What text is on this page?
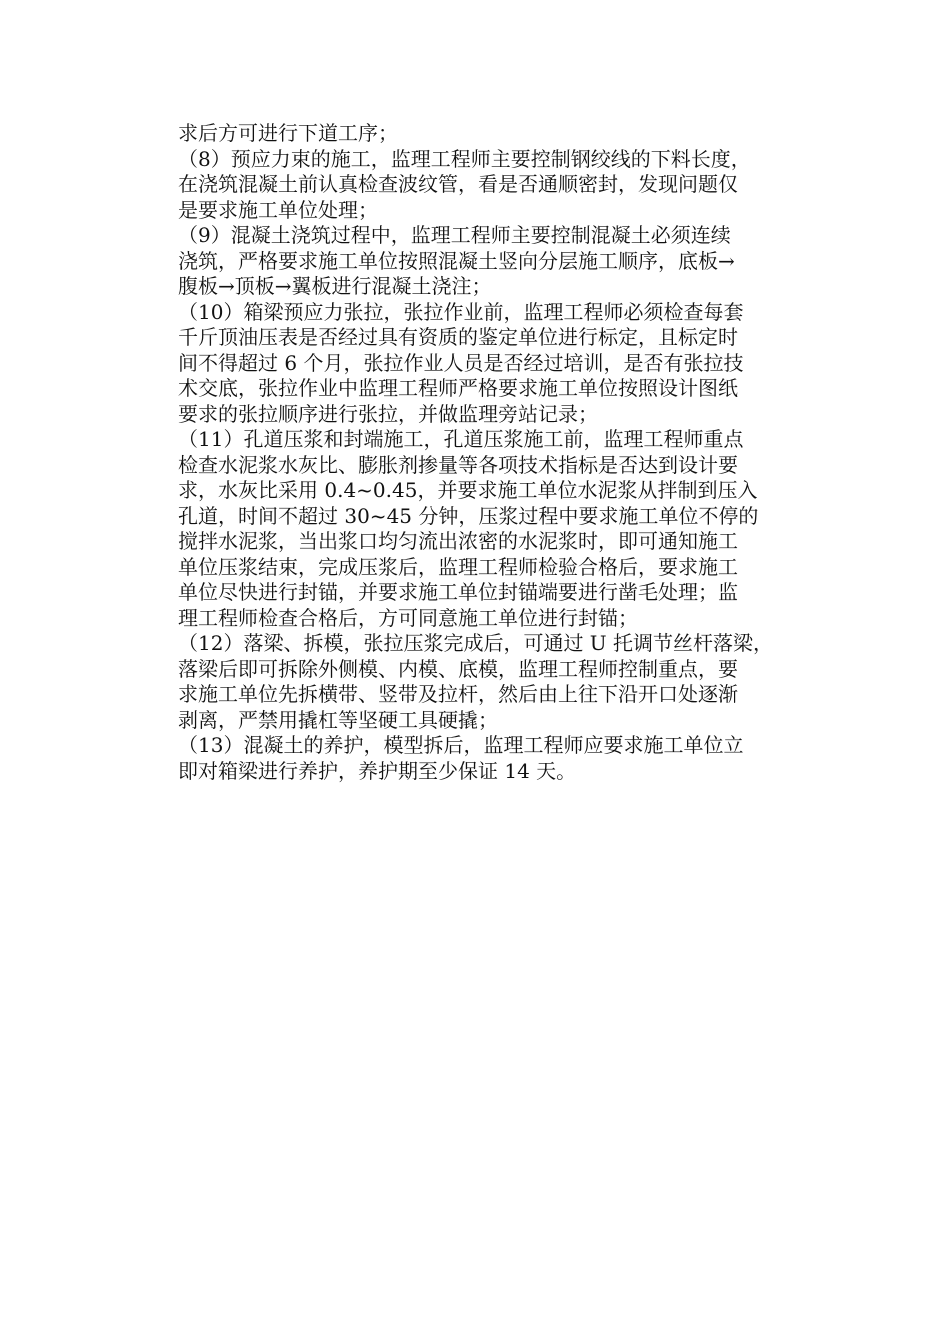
求后方可进行下道工序；

（8）预应力束的施工，监理工程师主要控制钢绞线的下料长度，

在浇筑混凝土前认真检查波纹管，看是否通顺密封，发现问题仅

是要求施工单位处理；

（9）混凝土浇筑过程中，监理工程师主要控制混凝土必须连续

浇筑，严格要求施工单位按照混凝土竖向分层施工顺序，底板→

腹板→顶板→翼板进行混凝土浇注；

（10）箱梁预应力张拉，张拉作业前，监理工程师必须检查每套

千斤顶油压表是否经过具有资质的鉴定单位进行标定，且标定时

间不得超过 6 个月，张拉作业人员是否经过培训，是否有张拉技

术交底，张拉作业中监理工程师严格要求施工单位按照设计图纸

要求的张拉顺序进行张拉，并做监理旁站记录；

（11）孔道压浆和封端施工，孔道压浆施工前，监理工程师重点

检查水泥浆水灰比、膨胀剂掺量等各项技术指标是否达到设计要

求，水灰比采用 0.4~0.45，并要求施工单位水泥浆从拌制到压入

孔道，时间不超过 30~45 分钟，压浆过程中要求施工单位不停的

搅拌水泥浆，当出浆口均匀流出浓密的水泥浆时，即可通知施工

单位压浆结束，完成压浆后，监理工程师检验合格后，要求施工

单位尽快进行封锚，并要求施工单位封锚端要进行凿毛处理；监

理工程师检查合格后，方可同意施工单位进行封锚；

（12）落梁、拆模，张拉压浆完成后，可通过 U 托调节丝杆落梁，

落梁后即可拆除外侧模、内模、底模，监理工程师控制重点，要

求施工单位先拆横带、竖带及拉杆，然后由上往下沿开口处逐渐

剥离，严禁用撬杠等坚硬工具硬撬；

（13）混凝土的养护，模型拆后，监理工程师应要求施工单位立

即对箱梁进行养护，养护期至少保证 14 天。
